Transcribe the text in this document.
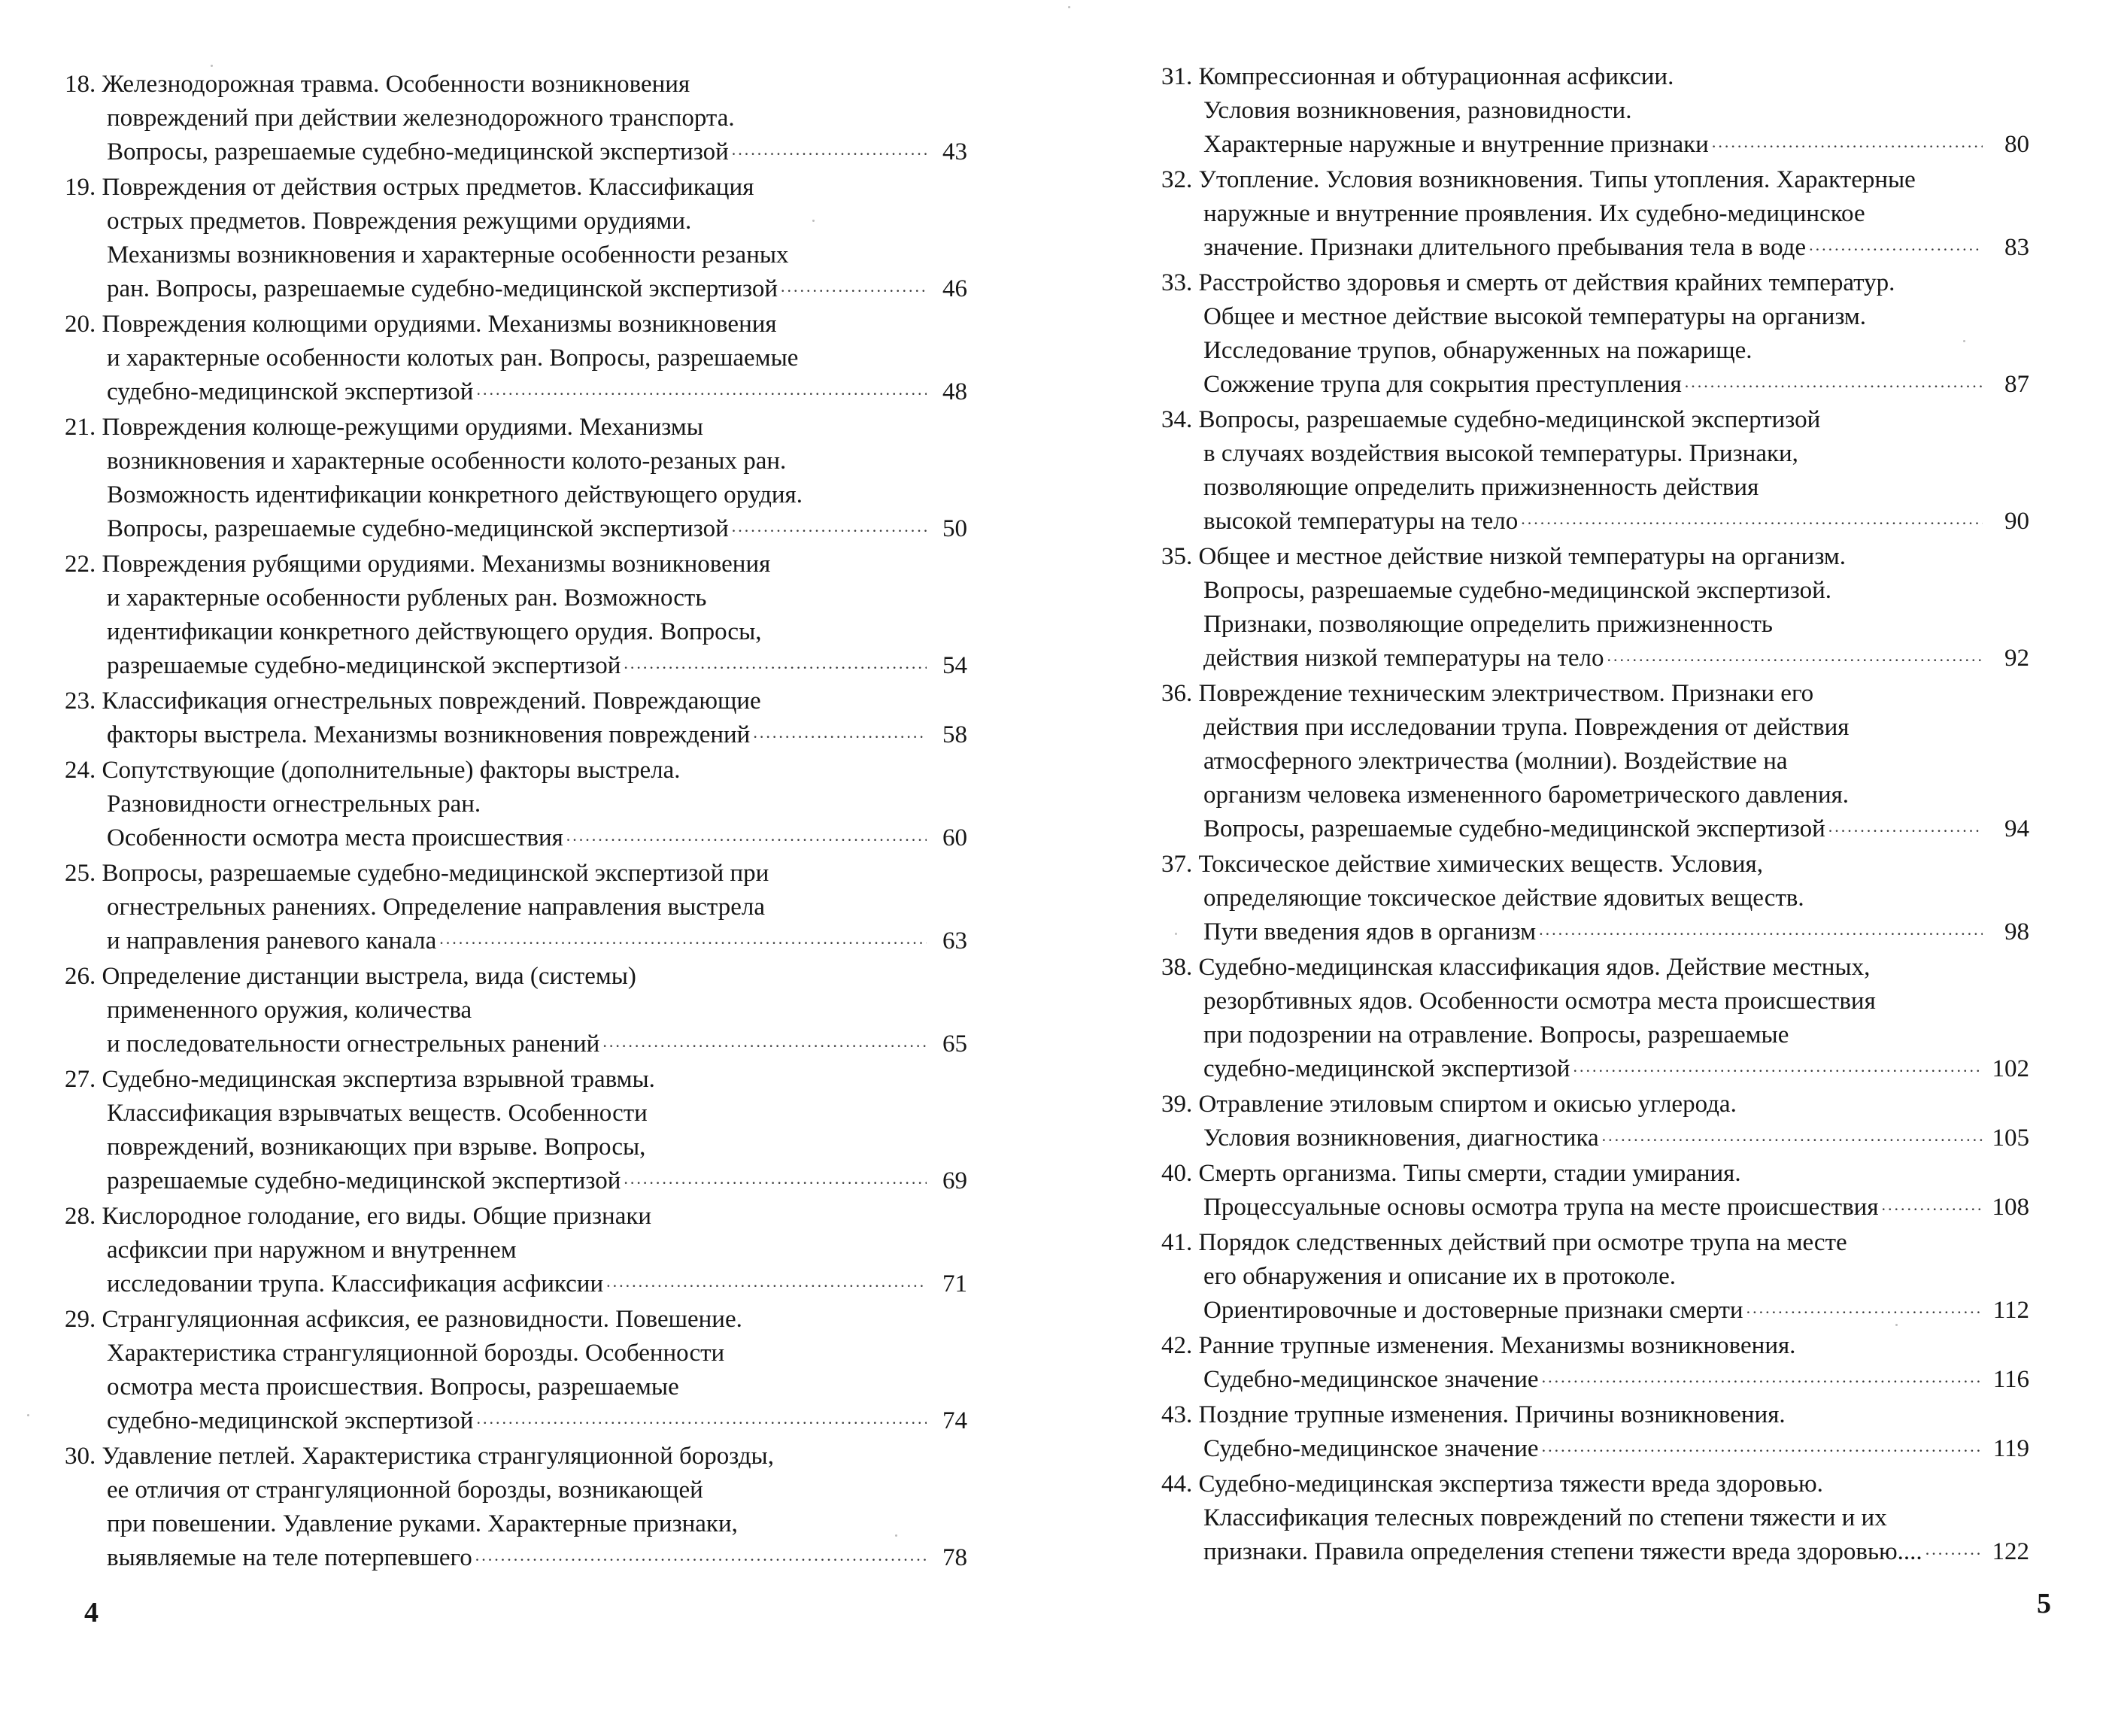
18. Железнодорожная травма. Особенности возникновения
повреждений при действии железнодорожного транспорта.
Вопросы, разрешаемые судебно-медицинской экспертизой .....	43
19. Повреждения от действия острых предметов. Классификация
острых предметов. Повреждения режущими орудиями.
Механизмы возникновения и характерные особенности резаных
ран. Вопросы, разрешаемые судебно-медицинской экспертизой .....	46
20. Повреждения колющими орудиями. Механизмы возникновения
и характерные особенности колотых ран. Вопросы, разрешаемые
судебно-медицинской экспертизой .....	48
21. Повреждения колюще-режущими орудиями. Механизмы
возникновения и характерные особенности колото-резаных ран.
Возможность идентификации конкретного действующего орудия.
Вопросы, разрешаемые судебно-медицинской экспертизой .....	50
22. Повреждения рубящими орудиями. Механизмы возникновения
и характерные особенности рубленых ран. Возможность
идентификации конкретного действующего орудия. Вопросы,
разрешаемые судебно-медицинской экспертизой .....	54
23. Классификация огнестрельных повреждений. Повреждающие
факторы выстрела. Механизмы возникновения повреждений .....	58
24. Сопутствующие (дополнительные) факторы выстрела.
Разновидности огнестрельных ран.
Особенности осмотра места происшествия .....	60
25. Вопросы, разрешаемые судебно-медицинской экспертизой при
огнестрельных ранениях. Определение направления выстрела
и направления раневого канала .....	63
26. Определение дистанции выстрела, вида (системы)
примененного оружия, количества
и последовательности огнестрельных ранений .....	65
27. Судебно-медицинская экспертиза взрывной травмы.
Классификация взрывчатых веществ. Особенности
повреждений, возникающих при взрыве. Вопросы,
разрешаемые судебно-медицинской экспертизой .....	69
28. Кислородное голодание, его виды. Общие признаки
асфиксии при наружном и внутреннем
исследовании трупа. Классификация асфиксии .....	71
29. Странгуляционная асфиксия, ее разновидности. Повешение.
Характеристика странгуляционной борозды. Особенности
осмотра места происшествия. Вопросы, разрешаемые
судебно-медицинской экспертизой .....	74
30. Удавление петлей. Характеристика странгуляционной борозды,
ее отличия от странгуляционной борозды, возникающей
при повешении. Удавление руками. Характерные признаки,
выявляемые на теле потерпевшего .....	78
4
31. Компрессионная и обтурационная асфиксии.
Условия возникновения, разновидности.
Характерные наружные и внутренние признаки .....	80
32. Утопление. Условия возникновения. Типы утопления. Характерные
наружные и внутренние проявления. Их судебно-медицинское
значение. Признаки длительного пребывания тела в воде .....	83
33. Расстройство здоровья и смерть от действия крайних температур.
Общее и местное действие высокой температуры на организм.
Исследование трупов, обнаруженных на пожарище.
Сожжение трупа для сокрытия преступления .....	87
34. Вопросы, разрешаемые судебно-медицинской экспертизой
в случаях воздействия высокой температуры. Признаки,
позволяющие определить прижизненность действия
высокой температуры на тело .....	90
35. Общее и местное действие низкой температуры на организм.
Вопросы, разрешаемые судебно-медицинской экспертизой.
Признаки, позволяющие определить прижизненность
действия низкой температуры на тело .....	92
36. Повреждение техническим электричеством. Признаки его
действия при исследовании трупа. Повреждения от действия
атмосферного электричества (молнии). Воздействие на
организм человека измененного барометрического давления.
Вопросы, разрешаемые судебно-медицинской экспертизой .....	94
37. Токсическое действие химических веществ. Условия,
определяющие токсическое действие ядовитых веществ.
Пути введения ядов в организм .....	98
38. Судебно-медицинская классификация ядов. Действие местных,
резорбтивных ядов. Особенности осмотра места происшествия
при подозрении на отравление. Вопросы, разрешаемые
судебно-медицинской экспертизой .....	102
39. Отравление этиловым спиртом и окисью углерода.
Условия возникновения, диагностика .....	105
40. Смерть организма. Типы смерти, стадии умирания.
Процессуальные основы осмотра трупа на месте происшествия .....	108
41. Порядок следственных действий при осмотре трупа на месте
его обнаружения и описание их в протоколе.
Ориентировочные и достоверные признаки смерти .....	112
42. Ранние трупные изменения. Механизмы возникновения.
Судебно-медицинское значение .....	116
43. Поздние трупные изменения. Причины возникновения.
Судебно-медицинское значение .....	119
44. Судебно-медицинская экспертиза тяжести вреда здоровью.
Классификация телесных повреждений по степени тяжести и их
признаки. Правила определения степени тяжести вреда здоровью.... .....	122
5
